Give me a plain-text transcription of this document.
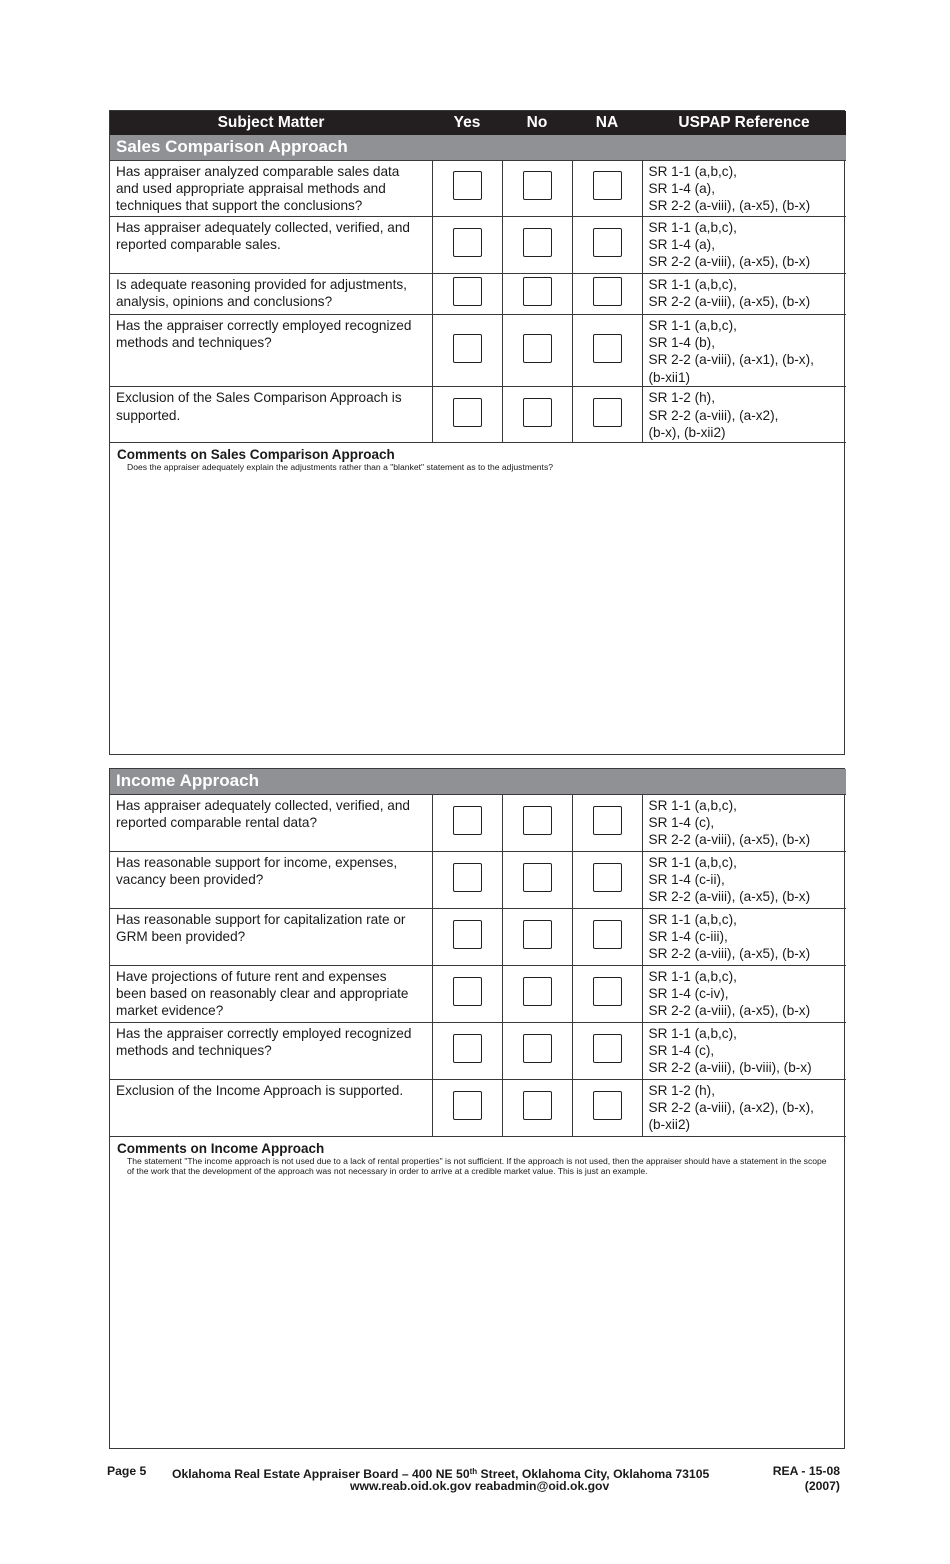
Subject Matter	Yes	No	NA	USPAP Reference
Sales Comparison Approach				

Has appraiser analyzed comparable sales data
and used appropriate appraisal methods and
techniques that support the conclusions?				SR 1-1 (a,b,c),
SR 1-4 (a),
SR 2-2 (a-viii), (a-x5), (b-x)

Has appraiser adequately collected, verified, and
reported comparable sales.				SR 1-1 (a,b,c),
SR 1-4 (a),
SR 2-2 (a-viii), (a-x5), (b-x)

Is adequate reasoning provided for adjustments,
analysis, opinions and conclusions?				SR 1-1 (a,b,c),
SR 2-2 (a-viii), (a-x5), (b-x)

Has the appraiser correctly employed recognized
methods and techniques?				SR 1-1 (a,b,c),
SR 1-4 (b),
SR 2-2 (a-viii), (a-x1), (b-x),
(b-xii1)

Exclusion of the Sales Comparison Approach is
supported.				SR 1-2 (h),
SR 2-2 (a-viii), (a-x2),
(b-x), (b-xii2)
Comments on Sales Comparison Approach
Does the appraiser adequately explain the adjustments rather than a "blanket" statement as to the adjustments?
Income Approach				

Has appraiser adequately collected, verified, and
reported comparable rental data?				SR 1-1 (a,b,c),
SR 1-4 (c),
SR 2-2 (a-viii), (a-x5), (b-x)

Has reasonable support for income, expenses,
vacancy been provided?				SR 1-1 (a,b,c),
SR 1-4 (c-ii),
SR 2-2 (a-viii), (a-x5), (b-x)

Has reasonable support for capitalization rate or
GRM been provided?				SR 1-1 (a,b,c),
SR 1-4 (c-iii),
SR 2-2 (a-viii), (a-x5), (b-x)

Have projections of future rent and expenses
been based on reasonably clear and appropriate
market evidence?				SR 1-1 (a,b,c),
SR 1-4 (c-iv),
SR 2-2 (a-viii), (a-x5), (b-x)

Has the appraiser correctly employed recognized
methods and techniques?				SR 1-1 (a,b,c),
SR 1-4 (c),
SR 2-2 (a-viii), (b-viii), (b-x)

Exclusion of the Income Approach is supported.				SR 1-2 (h),
SR 2-2 (a-viii), (a-x2), (b-x),
(b-xii2)
Comments on Income Approach
The statement "The income approach is not used due to a lack of rental properties" is not sufficient. If the approach is not used, then the appraiser should have a statement in the scope of the work that the development of the approach was not necessary in order to arrive at a credible market value. This is just an example.
Page 5 Oklahoma Real Estate Appraiser Board – 400 NE 50th Street, Oklahoma City, Oklahoma 73105
www.reab.oid.ok.gov reabadmin@oid.ok.gov
REA - 15-08
(2007)
